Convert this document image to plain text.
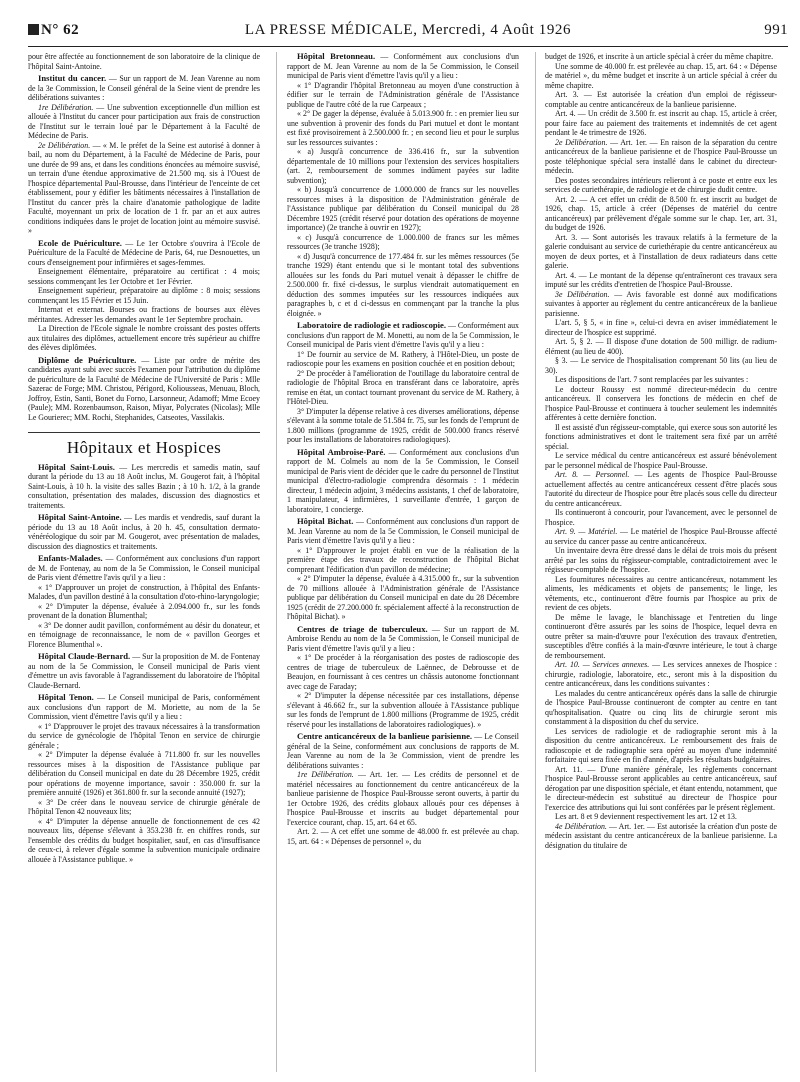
N° 62	LA PRESSE MÉDICALE, Mercredi, 4 Août 1926	991

pour être affectée au fonctionnement de son laboratoire de la clinique de l'hôpital Saint-Antoine.

Institut du cancer. — Sur un rapport de M. Jean Varenne au nom de la 3e Commission, le Conseil général de la Seine vient de prendre les délibérations suivantes :

1re Délibération. — Une subvention exceptionnelle d'un million est allouée à l'Institut du cancer pour participation aux frais de construction de l'Institut sur le terrain loué par le Département à la Faculté de Médecine de Paris.

2e Délibération. — « M. le préfet de la Seine est autorisé à donner à bail, au nom du Département, à la Faculté de Médecine de Paris, pour une durée de 99 ans, et dans les conditions énoncées au mémoire susvisé, un terrain d'une étendue approximative de 21.500 mq. sis à l'Ouest de l'hospice départemental Paul-Brousse, dans l'intérieur de l'enceinte de cet établissement, pour y édifier les bâtiments nécessaires à l'installation de l'Institut du cancer près la chaire d'anatomie pathologique de ladite Faculté, moyennant un prix de location de 1 fr. par an et aux autres conditions indiquées dans le projet de location joint au mémoire susvisé. »

Ecole de Puériculture. — Le 1er Octobre s'ouvrira à l'Ecole de Puériculture de la Faculté de Médecine de Paris, 64, rue Desnouettes, un cours d'enseignement pour infirmières et sages-femmes.

Enseignement élémentaire, préparatoire au certificat : 4 mois; sessions commençant les 1er Octobre et 1er Février.

Enseignement supérieur, préparatoire au diplôme : 8 mois; sessions commençant les 15 Février et 15 Juin.

Internat et externat. Bourses ou fractions de bourses aux élèves méritantes. Adresser les demandes avant le 1er Septembre prochain.

La Direction de l'Ecole signale le nombre croissant des postes offerts aux titulaires des diplômes, actuellement encore très supérieur au chiffre des élèves diplômées.

Diplôme de Puériculture. — Liste par ordre de mérite des candidates ayant subi avec succès l'examen pour l'attribution du diplôme de puériculture de la Faculté de Médecine de l'Université de Paris : Mlle Sazerac de Forge; MM. Christou, Périgord, Koliousseas, Menuau, Bloch, Joffroy, Estin, Santi, Bonet du Forno, Larsonneur, Adamoff; Mme Ecoey (Paule); MM. Rozenbaumson, Raison, Miyar, Polycrates (Nicolas); Mlle Le Gourierec; MM. Rochi, Stephanides, Catseotes, Vassilakis.

Hôpitaux et Hospices

Hôpital Saint-Louis. — Les mercredis et samedis matin, sauf durant la période du 13 au 18 Août inclus, M. Gougerot fait, à l'hôpital Saint-Louis, à 10 h. la visite des salles Bazin ; à 10 h. 1/2, à la grande consultation, présentation des malades, discussion des diagnostics et traitements.

Hôpital Saint-Antoine. — Les mardis et vendredis, sauf durant la période du 13 au 18 Août inclus, à 20 h. 45, consultation dermato-vénéréologique du soir par M. Gougerot, avec présentation de malades, discussion des diagnostics et traitements.

Enfants-Malades. — Conformément aux conclusions d'un rapport de M. de Fontenay, au nom de la 5e Commission, le Conseil municipal de Paris vient d'émettre l'avis qu'il y a lieu :

« 1° D'approuver un projet de construction, à l'hôpital des Enfants-Malades, d'un pavillon destiné à la consultation d'oto-rhino-laryngologie;

« 2° D'imputer la dépense, évaluée à 2.094.000 fr., sur les fonds provenant de la donation Blumenthal;

« 3° De donner audit pavillon, conformément au désir du donateur, et en témoignage de reconnaissance, le nom de « pavillon Georges et Florence Blumenthal ».

Hôpital Claude-Bernard. — Sur la proposition de M. de Fontenay au nom de la 5e Commission, le Conseil municipal de Paris vient d'émettre un avis favorable à l'agrandissement du laboratoire de l'hôpital Claude-Bernard.

Hôpital Tenon. — Le Conseil municipal de Paris, conformément aux conclusions d'un rapport de M. Moriette, au nom de la 5e Commission, vient d'émettre l'avis qu'il y a lieu :

« 1° D'approuver le projet des travaux nécessaires à la transformation du service de gynécologie de l'hôpital Tenon en service de chirurgie générale ;

« 2° D'imputer la dépense évaluée à 711.800 fr. sur les nouvelles ressources mises à la disposition de l'Assistance publique par délibération du Conseil municipal en date du 28 Décembre 1925, crédit pour opérations de moyenne importance, savoir : 350.000 fr. sur la première annuité (1926) et 361.800 fr. sur la seconde annuité (1927);

« 3° De créer dans le nouveau service de chirurgie générale de l'hôpital Tenon 42 nouveaux lits;

« 4° D'imputer la dépense annuelle de fonctionnement de ces 42 nouveaux lits, dépense s'élevant à 353.238 fr. en chiffres ronds, sur l'ensemble des crédits du budget hospitalier, sauf, en cas d'insuffisance de ceux-ci, à relever d'égale somme la subvention municipale ordinaire allouée à l'Assistance publique. »

Hôpital Bretonneau. — Conformément aux conclusions d'un rapport de M. Jean Varenne au nom de la 5e Commission, le Conseil municipal de Paris vient d'émettre l'avis qu'il y a lieu :

« 1° D'agrandir l'hôpital Bretonneau au moyen d'une construction à édifier sur le terrain de l'Administration générale de l'Assistance publique de l'autre côté de la rue Carpeaux ;

« 2° De gager la dépense, évaluée à 5.013.900 fr. : en premier lieu sur une subvention à provenir des fonds du Pari mutuel et dont le montant est fixé provisoirement à 2.500.000 fr. ; en second lieu et pour le surplus sur les ressources suivantes :

« a) Jusqu'à concurrence de 336.416 fr., sur la subvention départementale de 10 millions pour l'extension des services hospitaliers (art. 2, remboursement de sommes indûment payées sur ladite subvention);

« b) Jusqu'à concurrence de 1.000.000 de francs sur les nouvelles ressources mises à la disposition de l'Administration générale de l'Assistance publique par délibération du Conseil municipal du 28 Décembre 1925 (crédit réservé pour dotation des opérations de moyenne importance) (2e tranche à ouvrir en 1927);

« c) Jusqu'à concurrence de 1.000.000 de francs sur les mêmes ressources (3e tranche 1928);

« d) Jusqu'à concurrence de 177.484 fr. sur les mêmes ressources (5e tranche 1929) étant entendu que si le montant total des subventions allouées sur les fonds du Pari mutuel venait à dépasser le chiffre de 2.500.000 fr. fixé ci-dessus, le surplus viendrait automatiquement en déduction des sommes imputées sur les ressources indiquées aux paragraphes b, c et d ci-dessus en commençant par la tranche la plus éloignée. »

Laboratoire de radiologie et radioscopie. — Conformément aux conclusions d'un rapport de M. Monetti, au nom de la 5e Commission, le Conseil municipal de Paris vient d'émettre l'avis qu'il y a lieu :

1° De fournir au service de M. Rathery, à l'Hôtel-Dieu, un poste de radioscopie pour les examens en position couchée et en position debout;

2° De procéder à l'amélioration de l'outillage du laboratoire central de radiologie de l'hôpital Broca en transférant dans ce laboratoire, après remise en état, un contact tournant provenant du service de M. Rathery, à l'Hôtel-Dieu.

3° D'imputer la dépense relative à ces diverses améliorations, dépense s'élevant à la somme totale de 51.584 fr. 75, sur les fonds de l'emprunt de 1.800 millions (programme de 1925, crédit de 500.000 francs réservé pour les installations de laboratoires radiologiques).

Hôpital Ambroise-Paré. — Conformément aux conclusions d'un rapport de M. Colmels au nom de la 5e Commission, le Conseil municipal de Paris vient de décider que le cadre du personnel de l'Institut municipal d'électro-radiologie comprendra désormais : 1 médecin directeur, 1 médecin adjoint, 3 médecins assistants, 1 chef de laboratoire, 1 manipulateur, 4 infirmières, 1 surveillante d'entrée, 1 garçon de laboratoire, 1 concierge.

Hôpital Bichat. — Conformément aux conclusions d'un rapport de M. Jean Varenne au nom de la 5e Commission, le Conseil municipal de Paris vient d'émettre l'avis qu'il y a lieu :

« 1° D'approuver le projet établi en vue de la réalisation de la première étape des travaux de reconstruction de l'hôpital Bichat comprenant l'édification d'un pavillon de médecine;

« 2° D'imputer la dépense, évaluée à 4.315.000 fr., sur la subvention de 70 millions allouée à l'Administration générale de l'Assistance publique par délibération du Conseil municipal en date du 28 Décembre 1925 (crédit de 27.200.000 fr. spécialement affecté à la reconstruction de l'hôpital Bichat). »

Centres de triage de tuberculeux. — Sur un rapport de M. Ambroise Rendu au nom de la 5e Commission, le Conseil municipal de Paris vient d'émettre l'avis qu'il y a lieu :

« 1° De procéder à la réorganisation des postes de radioscopie des centres de triage de tuberculeux de Laënnec, de Debrousse et de Beaujon, en fournissant à ces centres un châssis autonome fonctionnant avec cage de Faraday;

« 2° D'imputer la dépense nécessitée par ces installations, dépense s'élevant à 46.662 fr., sur la subvention allouée à l'Assistance publique sur les fonds de l'emprunt de 1.800 millions (Programme de 1925, crédit réservé pour les installations de laboratoires radiologiques). »

Centre anticancéreux de la banlieue parisienne. — Le Conseil général de la Seine, conformément aux conclusions de rapports de M. Jean Varenne au nom de la 3e Commission, vient de prendre les délibérations suivantes :

1re Délibération. — Art. 1er. — Les crédits de personnel et de matériel nécessaires au fonctionnement du centre anticancéreux de la banlieue parisienne de l'hospice Paul-Brousse seront ouverts, à partir du 1er Octobre 1926, des crédits globaux alloués pour ces dépenses à l'hospice Paul-Brousse et inscrits au budget départemental pour l'exercice courant, chap. 15, art. 64 et 65.

Art. 2. — A cet effet une somme de 48.000 fr. est prélevée au chap. 15, art. 64 : « Dépenses de personnel », du

budget de 1926, et inscrite à un article spécial à créer du même chapitre.

Une somme de 40.000 fr. est prélevée au chap. 15, art. 64 : « Dépense de matériel », du même budget et inscrite à un article spécial à créer du même chapitre.

Art. 3. — Est autorisée la création d'un emploi de régisseur-comptable au centre anticancéreux de la banlieue parisienne.

Art. 4. — Un crédit de 3.500 fr. est inscrit au chap. 15, article à créer, pour faire face au paiement des traitements et indemnités de cet agent pendant le 4e trimestre de 1926.

2e Délibération. — Art. 1er. — En raison de la séparation du centre anticancéreux de la banlieue parisienne et de l'hospice Paul-Brousse un poste téléphonique spécial sera installé dans le cabinet du directeur-médecin.

Des postes secondaires intérieurs relieront à ce poste et entre eux les services de curiethérapie, de radiologie et de chirurgie dudit centre.

Art. 2. — A cet effet un crédit de 8.500 fr. est inscrit au budget de 1926, chap. 15, article à créer (Dépenses de matériel du centre anticancéreux) par prélèvement d'égale somme sur le chap. 1er, art. 31, du budget de 1926.

Art. 3. — Sont autorisés les travaux relatifs à la fermeture de la galerie conduisant au service de curiethérapie du centre anticancéreux au moyen de deux portes, et à l'installation de deux radiateurs dans cette galerie.

Art. 4. — Le montant de la dépense qu'entraîneront ces travaux sera imputé sur les crédits d'entretien de l'hospice Paul-Brousse.

3e Délibération. — Avis favorable est donné aux modifications suivantes à apporter au règlement du centre anticancéreux de la banlieue parisienne.

L'art. 5, § 5, « in fine », celui-ci devra en aviser immédiatement le directeur de l'hospice est supprimé.

Art. 5, § 2. — Il dispose d'une dotation de 500 milligr. de radium-élément (au lieu de 400).

§ 3. — Le service de l'hospitalisation comprenant 50 lits (au lieu de 30).

Les dispositions de l'art. 7 sont remplacées par les suivantes :

Le docteur Roussy est nommé directeur-médecin du centre anticancéreux. Il conservera les fonctions de médecin en chef de l'hospice Paul-Brousse et continuera à toucher seulement les indemnités afférentes à cette dernière fonction.

Il est assisté d'un régisseur-comptable, qui exerce sous son autorité les fonctions administratives et dont le traitement sera fixé par un arrêté spécial.

Le service médical du centre anticancéreux est assuré bénévolement par le personnel médical de l'hospice Paul-Brousse.

Art. 8. — Personnel. — Les agents de l'hospice Paul-Brousse actuellement affectés au centre anticancéreux cessent d'être placés sous l'autorité du directeur de l'hospice pour être placés sous celle du directeur du centre anticancéreux.

Ils continueront à concourir, pour l'avancement, avec le personnel de l'hospice.

Art. 9. — Matériel. — Le matériel de l'hospice Paul-Brousse affecté au service du cancer passe au centre anticancéreux.

Un inventaire devra être dressé dans le délai de trois mois du présent arrêté par les soins du régisseur-comptable, contradictoirement avec le régisseur-comptable de l'hospice.

Les fournitures nécessaires au centre anticancéreux, notamment les aliments, les médicaments et objets de pansements; le linge, les vêtements, etc., continueront d'être fournis par l'hospice au prix de revient de ces objets.

De même le lavage, le blanchissage et l'entretien du linge continueront d'être assurés par les soins de l'hospice, lequel devra en outre prêter sa main-d'œuvre pour l'exécution des travaux d'entretien, susceptibles d'être confiés à la main-d'œuvre intérieure, le tout à charge de remboursement.

Art. 10. — Services annexes. — Les services annexes de l'hospice : chirurgie, radiologie, laboratoire, etc., seront mis à la disposition du centre anticancéreux, dans les conditions suivantes :

Les malades du centre anticancéreux opérés dans la salle de chirurgie de l'hospice Paul-Brousse continueront de compter au centre en tant qu'hospitalisation. Quatre ou cinq lits de chirurgie seront mis constamment à la disposition du chef du service.

Les services de radiologie et de radiographie seront mis à la disposition du centre anticancéreux. Le remboursement des frais de radioscopie et de radiographie sera opéré au moyen d'une indemnité forfaitaire qui sera fixée en fin d'année, d'après les résultats budgétaires.

Art. 11. — D'une manière générale, les règlements concernant l'hospice Paul-Brousse seront applicables au centre anticancéreux, sauf dérogation par une disposition spéciale, et étant entendu, notamment, que le directeur-médecin est substitué au directeur de l'hospice pour l'exercice des attributions qui lui sont conférées par le présent règlement.

Les art. 8 et 9 deviennent respectivement les art. 12 et 13.

4e Délibération. — Art. 1er. — Est autorisée la création d'un poste de médecin assistant du centre anticancéreux de la banlieue parisienne. La désignation du titulaire de
